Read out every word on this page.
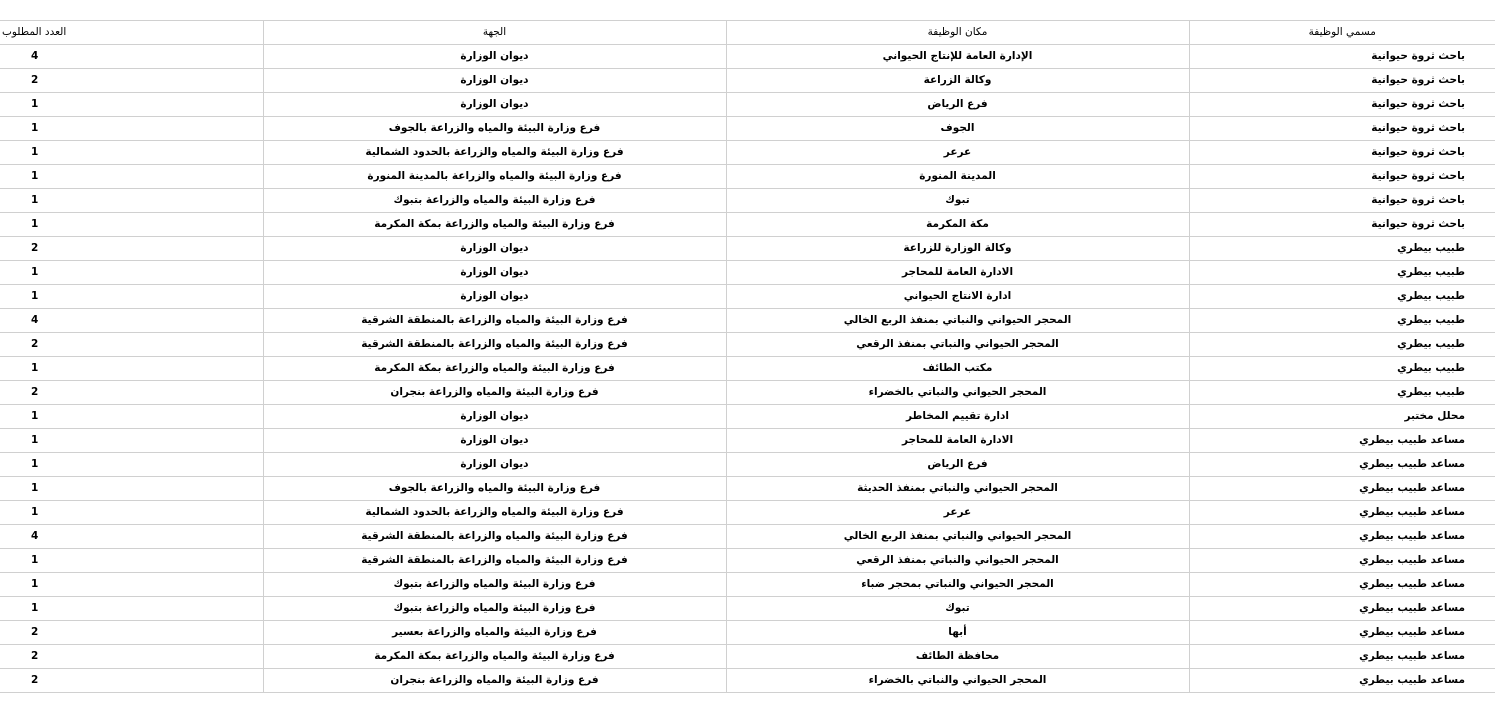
مسمي الوظيفة	مكان الوظيفة	الجهة	العدد المطلوب
باحث ثروة حيوانية	الإدارة العامة للإنتاج الحيواني	ديوان الوزارة	4
باحث ثروة حيوانية	وكالة الزراعة	ديوان الوزارة	2
باحث ثروة حيوانية	فرع الرياض	ديوان الوزارة	1
باحث ثروة حيوانية	الجوف	فرع وزارة البيئة والمياه والزراعة بالجوف	1
باحث ثروة حيوانية	عرعر	فرع وزارة البيئة والمياه والزراعة بالحدود الشمالية	1
باحث ثروة حيوانية	المدينة المنورة	فرع وزارة البيئة والمياه والزراعة بالمدينة المنورة	1
باحث ثروة حيوانية	تبوك	فرع وزارة البيئة والمياه والزراعة بتبوك	1
باحث ثروة حيوانية	مكة المكرمة	فرع وزارة البيئة والمياه والزراعة بمكة المكرمة	1
طبيب بيطري	وكالة الوزارة للزراعة	ديوان الوزارة	2
طبيب بيطري	الادارة العامة للمحاجر	ديوان الوزارة	1
طبيب بيطري	ادارة الانتاج الحيواني	ديوان الوزارة	1
طبيب بيطري	المحجر الحيواني والنباتي بمنفذ الربع الخالي	فرع وزارة البيئة والمياه والزراعة بالمنطقة الشرقية	4
طبيب بيطري	المحجر الحيواني والنباتي بمنفذ الرقعي	فرع وزارة البيئة والمياه والزراعة بالمنطقة الشرقية	2
طبيب بيطري	مكتب الطائف	فرع وزارة البيئة والمياه والزراعة بمكة المكرمة	1
طبيب بيطري	المحجر الحيواني والنباتي بالخضراء	فرع وزارة البيئة والمياه والزراعة بنجران	2
محلل مختبر	ادارة تقييم المخاطر	ديوان الوزارة	1
مساعد طبيب بيطري	الادارة العامة للمحاجر	ديوان الوزارة	1
مساعد طبيب بيطري	فرع الرياض	ديوان الوزارة	1
مساعد طبيب بيطري	المحجر الحيواني والنباتي بمنفذ الحديثة	فرع وزارة البيئة والمياه والزراعة بالجوف	1
مساعد طبيب بيطري	عرعر	فرع وزارة البيئة والمياه والزراعة بالحدود الشمالية	1
مساعد طبيب بيطري	المحجر الحيواني والنباتي بمنفذ الربع الخالي	فرع وزارة البيئة والمياه والزراعة بالمنطقة الشرقية	4
مساعد طبيب بيطري	المحجر الحيواني والنباتي بمنفذ الرقعي	فرع وزارة البيئة والمياه والزراعة بالمنطقة الشرقية	1
مساعد طبيب بيطري	المحجر الحيواني والنباتي بمحجر ضباء	فرع وزارة البيئة والمياه والزراعة بتبوك	1
مساعد طبيب بيطري	تبوك	فرع وزارة البيئة والمياه والزراعة بتبوك	1
مساعد طبيب بيطري	أبها	فرع وزارة البيئة والمياه والزراعة بعسير	2
مساعد طبيب بيطري	محافظة الطائف	فرع وزارة البيئة والمياه والزراعة بمكة المكرمة	2
مساعد طبيب بيطري	المحجر الحيواني والنباتي بالخضراء	فرع وزارة البيئة والمياه والزراعة بنجران	2
